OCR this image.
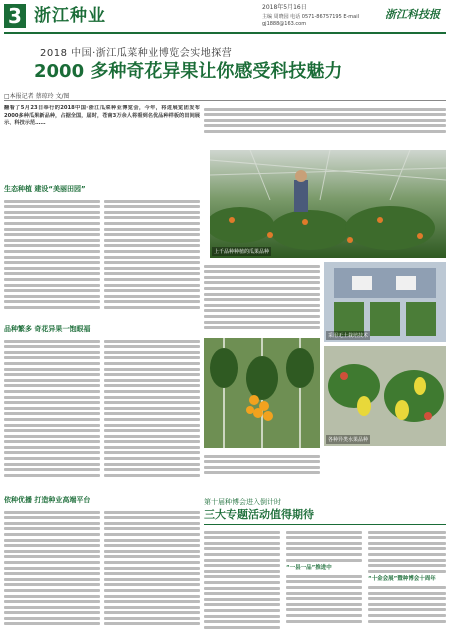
3 浙江种业	2018年5月16日
主编 周晓园 电话 0571-86757195 E-mail gj1888@163.com
浙江科技报
2018 中国·浙江瓜菜种业博览会实地探营
2000 多种奇花异果让你感受科技魅力
□本报记者 蔡琼玲 文/图
翻看了5月23日举行的2018中国·浙江瓜菜种业博览会，今年，将进展览团发布2000多种瓜果新品种，占据全国，届时，苍南3万余人将看到名优品种样板的田间展示、科技示范……
生态种植 建设“美丽田园”
品种繁多 奇花异果一饱眼福
依种优播 打造种业高端平台
上千品种种植的瓜果品种
采用无土栽培技术
各种异类水果品种
第十届种博会进入倒计时
三大专题活动值得期待
“一县一品”推进中
“十金会展”暨种博会十周年
